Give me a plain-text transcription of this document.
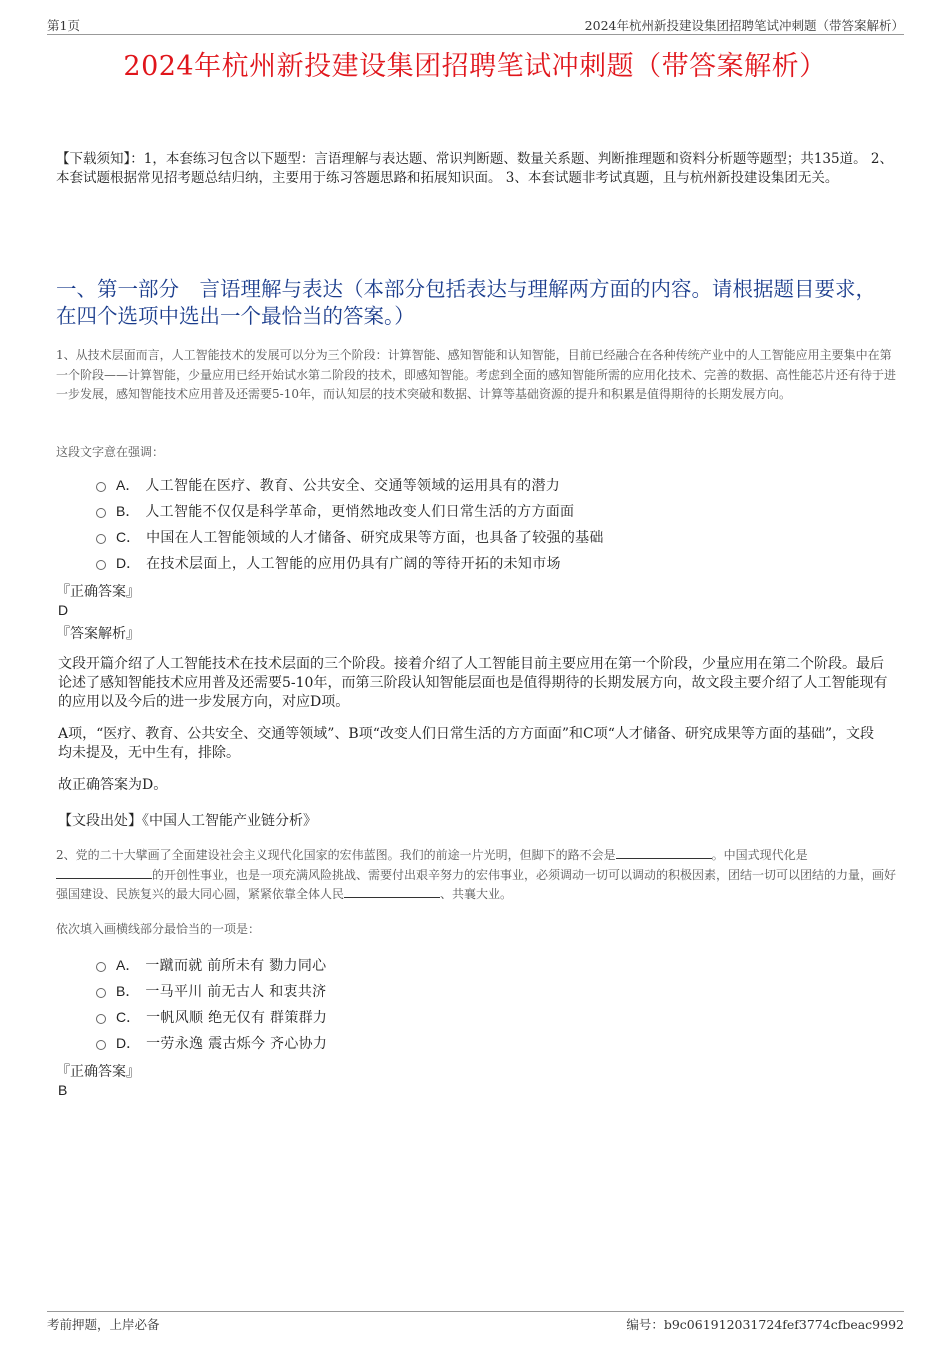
第1页	2024年杭州新投建设集团招聘笔试冲刺题（带答案解析）
2024年杭州新投建设集团招聘笔试冲刺题（带答案解析）
【下载须知】：1，本套练习包含以下题型：言语理解与表达题、常识判断题、数量关系题、判断推理题和资料分析题等题型；共135道。 2、本套试题根据常见招考题总结归纳，主要用于练习答题思路和拓展知识面。 3、本套试题非考试真题，且与杭州新投建设集团无关。
一、第一部分　言语理解与表达（本部分包括表达与理解两方面的内容。请根据题目要求，在四个选项中选出一个最恰当的答案。）
1、从技术层面而言，人工智能技术的发展可以分为三个阶段：计算智能、感知智能和认知智能，目前已经融合在各种传统产业中的人工智能应用主要集中在第一个阶段——计算智能，少量应用已经开始试水第二阶段的技术，即感知智能。考虑到全面的感知智能所需的应用化技术、完善的数据、高性能芯片还有待于进一步发展，感知智能技术应用普及还需要5-10年，而认知层的技术突破和数据、计算等基础资源的提升和积累是值得期待的长期发展方向。
这段文字意在强调：
A． 人工智能在医疗、教育、公共安全、交通等领域的运用具有的潜力
B． 人工智能不仅仅是科学革命，更悄然地改变人们日常生活的方方面面
C． 中国在人工智能领域的人才储备、研究成果等方面，也具备了较强的基础
D． 在技术层面上，人工智能的应用仍具有广阔的等待开拓的未知市场
『正确答案』
D
『答案解析』
文段开篇介绍了人工智能技术在技术层面的三个阶段。接着介绍了人工智能目前主要应用在第一个阶段，少量应用在第二个阶段。最后论述了感知智能技术应用普及还需要5-10年，而第三阶段认知智能层面也是值得期待的长期发展方向，故文段主要介绍了人工智能现有的应用以及今后的进一步发展方向，对应D项。
A项，“医疗、教育、公共安全、交通等领域”、B项“改变人们日常生活的方方面面”和C项“人才储备、研究成果等方面的基础”，文段均未提及，无中生有，排除。
故正确答案为D。
【文段出处】《中国人工智能产业链分析》
2、党的二十大擘画了全面建设社会主义现代化国家的宏伟蓝图。我们的前途一片光明，但脚下的路不会是	。中国式现代化是的开创性事业，也是一项充满风险挑战、需要付出艰辛努力的宏伟事业，必须调动一切可以调动的积极因素，团结一切可以团结的力量，画好强国建设、民族复兴的最大同心圆，紧紧依靠全体人民	、共襄大业。
依次填入画横线部分最恰当的一项是：
A． 一蹴而就 前所未有 勠力同心
B． 一马平川 前无古人 和衷共济
C． 一帆风顺 绝无仅有 群策群力
D． 一劳永逸 震古烁今 齐心协力
『正确答案』
B
考前押题，上岸必备	编号：b9c061912031724fef3774cfbeac9992
